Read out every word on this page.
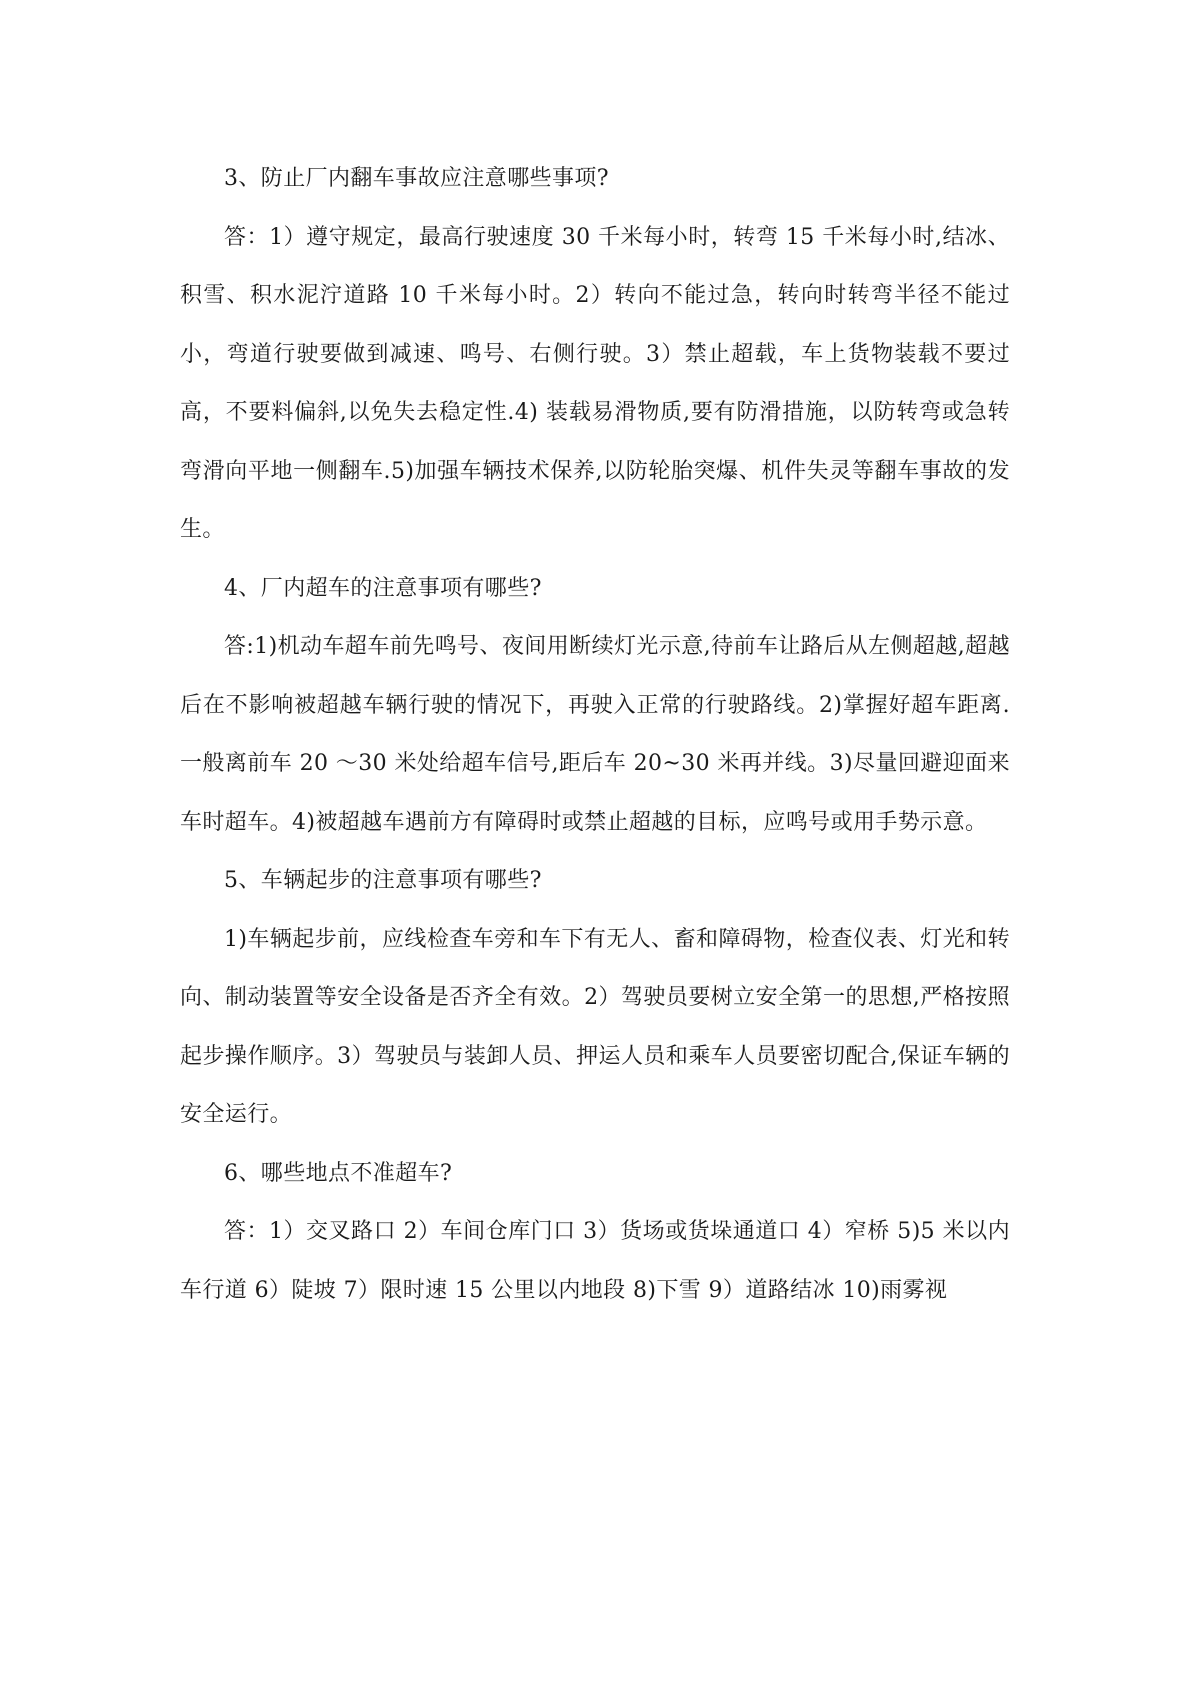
3、防止厂内翻车事故应注意哪些事项?

答：1）遵守规定，最高行驶速度 30 千米每小时，转弯 15 千米每小时,结冰、积雪、积水泥泞道路 10 千米每小时。2）转向不能过急，转向时转弯半径不能过小，弯道行驶要做到减速、鸣号、右侧行驶。3）禁止超载，车上货物装载不要过高，不要料偏斜,以免失去稳定性.4) 装载易滑物质,要有防滑措施，以防转弯或急转弯滑向平地一侧翻车.5)加强车辆技术保养,以防轮胎突爆、机件失灵等翻车事故的发生。

4、厂内超车的注意事项有哪些?

答:1)机动车超车前先鸣号、夜间用断续灯光示意,待前车让路后从左侧超越,超越后在不影响被超越车辆行驶的情况下，再驶入正常的行驶路线。2)掌握好超车距离.一般离前车 20 ～30 米处给超车信号,距后车 20~30 米再并线。3)尽量回避迎面来车时超车。4)被超越车遇前方有障碍时或禁止超越的目标，应鸣号或用手势示意。

5、车辆起步的注意事项有哪些?

1)车辆起步前，应线检查车旁和车下有无人、畜和障碍物，检查仪表、灯光和转向、制动装置等安全设备是否齐全有效。2）驾驶员要树立安全第一的思想,严格按照起步操作顺序。3）驾驶员与装卸人员、押运人员和乘车人员要密切配合,保证车辆的安全运行。

6、哪些地点不准超车?

答：1）交叉路口 2）车间仓库门口 3）货场或货垛通道口 4）窄桥 5)5 米以内车行道 6）陡坡 7）限时速 15 公里以内地段 8)下雪 9）道路结冰 10)雨雾视
